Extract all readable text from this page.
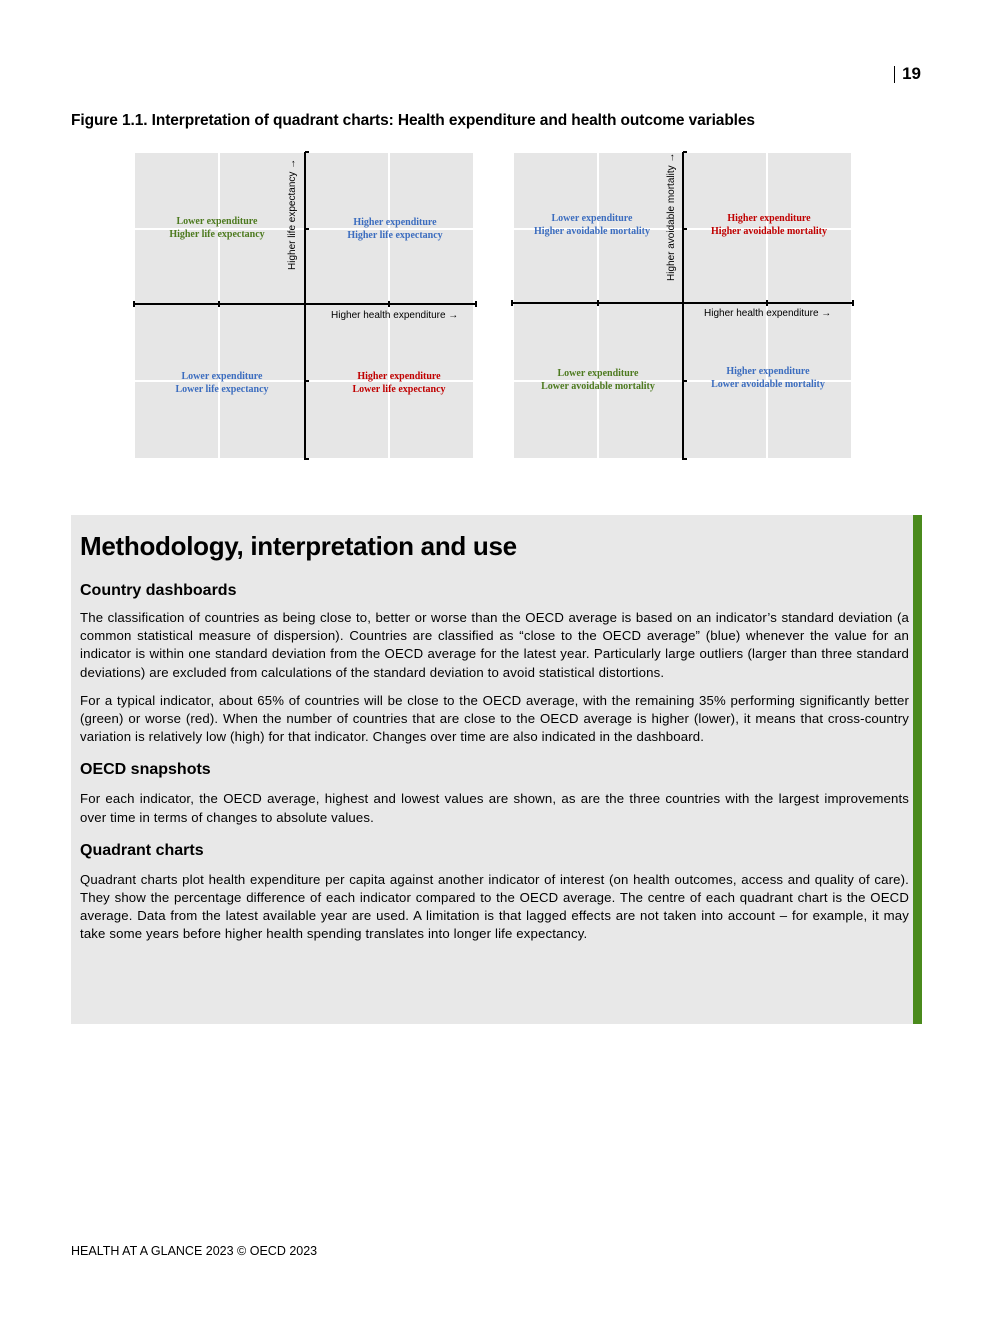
19
Figure 1.1. Interpretation of quadrant charts: Health expenditure and health outcome variables
Higher life expectancy →
Higher health expenditure →
Lower expenditure
Higher life expectancy
Higher expenditure
Higher life expectancy
Lower expenditure
Lower life expectancy
Higher expenditure
Lower life expectancy
Higher avoidable mortality →
Higher health expenditure →
Lower expenditure
Higher avoidable mortality
Higher expenditure
Higher avoidable mortality
Lower expenditure
Lower avoidable mortality
Higher expenditure
Lower avoidable mortality
Methodology, interpretation and use
Country dashboards

The classification of countries as being close to, better or worse than the OECD average is based on an indicator’s standard deviation (a common statistical measure of dispersion). Countries are classified as “close to the OECD average” (blue) whenever the value for an indicator is within one standard deviation from the OECD average for the latest year. Particularly large outliers (larger than three standard deviations) are excluded from calculations of the standard deviation to avoid statistical distortions.

For a typical indicator, about 65% of countries will be close to the OECD average, with the remaining 35% performing significantly better (green) or worse (red). When the number of countries that are close to the OECD average is higher (lower), it means that cross-country variation is relatively low (high) for that indicator. Changes over time are also indicated in the dashboard.

OECD snapshots

For each indicator, the OECD average, highest and lowest values are shown, as are the three countries with the largest improvements over time in terms of changes to absolute values.

Quadrant charts

Quadrant charts plot health expenditure per capita against another indicator of interest (on health outcomes, access and quality of care). They show the percentage difference of each indicator compared to the OECD average. The centre of each quadrant chart is the OECD average. Data from the latest available year are used. A limitation is that lagged effects are not taken into account – for example, it may take some years before higher health spending translates into longer life expectancy.

HEALTH AT A GLANCE 2023 © OECD 2023
